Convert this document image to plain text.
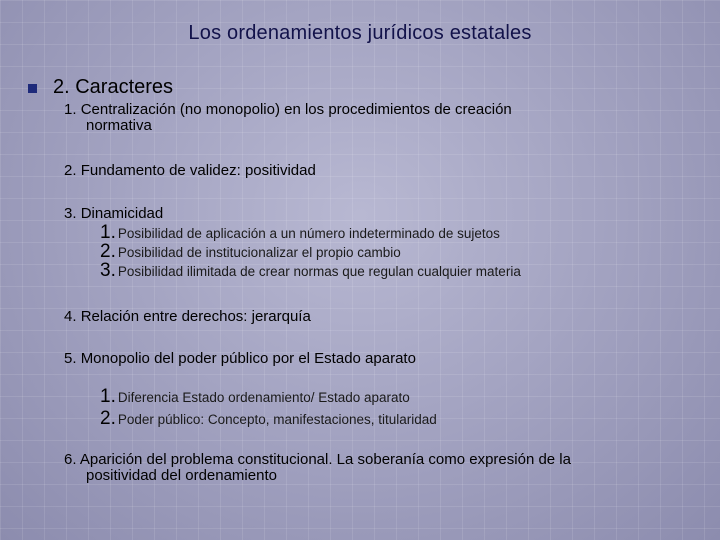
Los ordenamientos jurídicos estatales
2. Caracteres
1. Centralización (no monopolio) en los procedimientos de creación
normativa
2. Fundamento de validez: positividad
3. Dinamicidad
1. Posibilidad de aplicación a un número indeterminado de sujetos
2. Posibilidad de institucionalizar el propio cambio
3. Posibilidad ilimitada de crear normas que regulan cualquier materia
4. Relación entre derechos: jerarquía
5. Monopolio del poder público por el Estado aparato
1. Diferencia Estado ordenamiento/ Estado aparato
2. Poder público: Concepto, manifestaciones, titularidad
6. Aparición del problema constitucional. La soberanía como expresión de la
positividad del ordenamiento
